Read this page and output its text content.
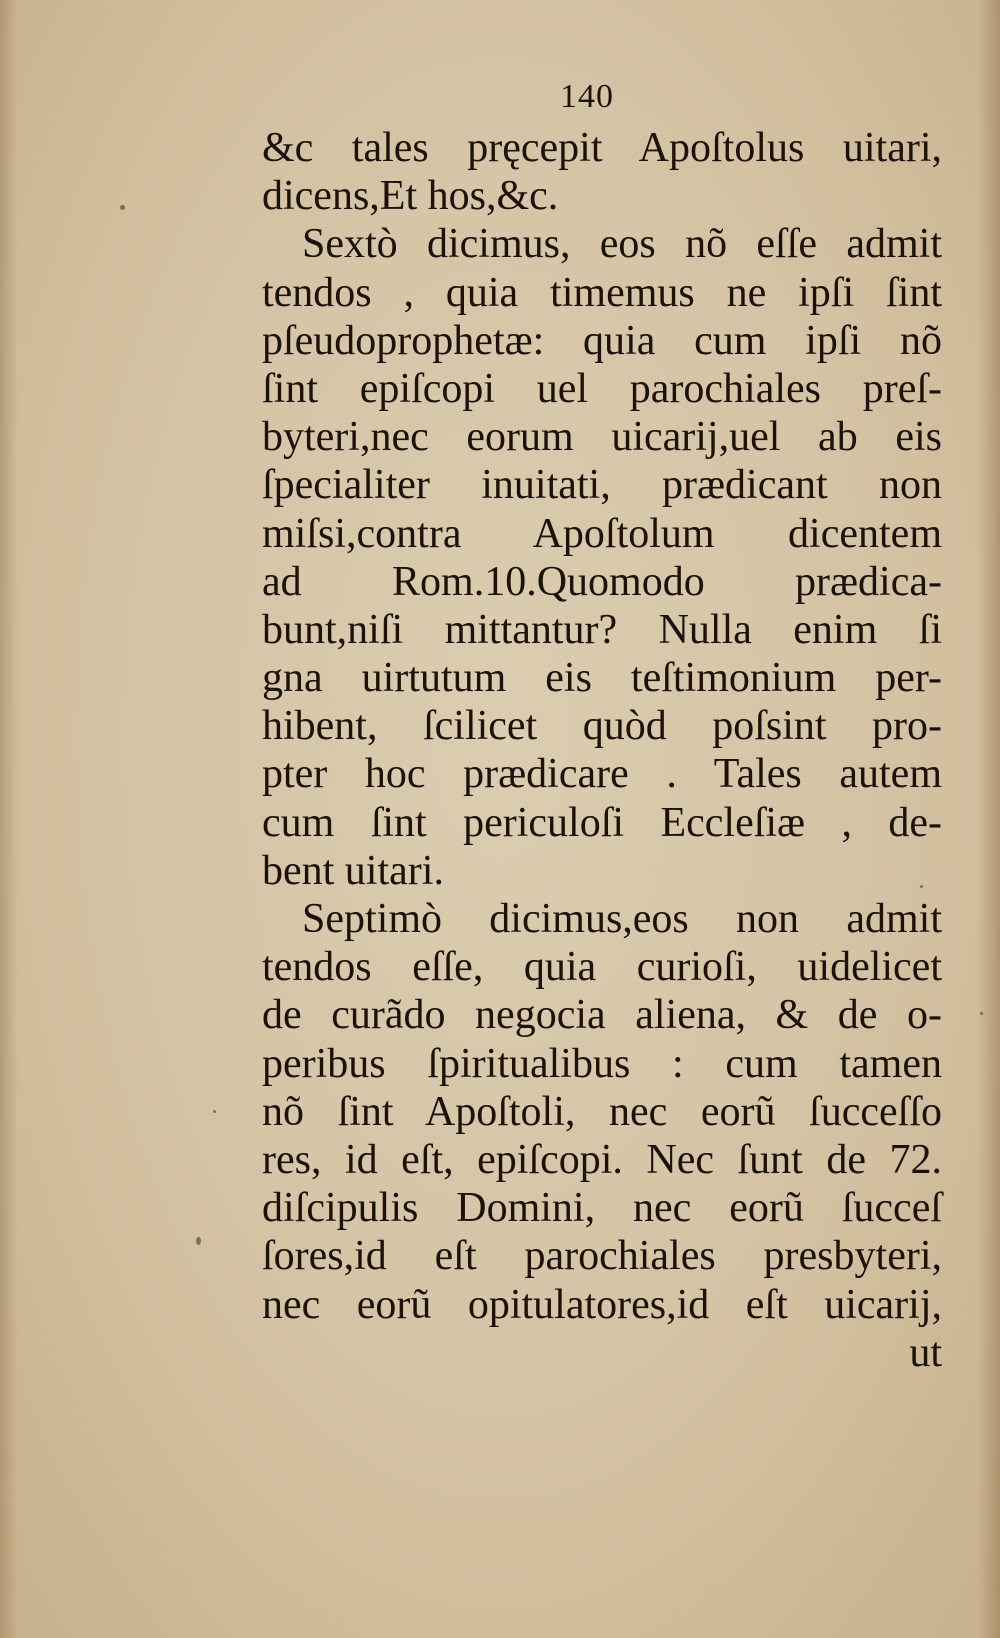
140
&c tales pręcepit Apoſtolus uitari,
dicens,Et hos,&c.
Sextò dicimus, eos nõ eſſe admit
tendos , quia timemus ne ipſi ſint
pſeudoprophetæ: quia cum ipſi nõ
ſint epiſcopi uel parochiales preſ-
byteri,nec eorum uicarij,uel ab eis
ſpecialiter inuitati, prædicant non
miſsi,contra Apoſtolum dicentem
ad Rom.10.Quomodo prædica-
bunt,niſi mittantur? Nulla enim ſi
gna uirtutum eis teſtimonium per-
hibent, ſcilicet quòd poſsint pro-
pter hoc prædicare . Tales autem
cum ſint periculoſi Eccleſiæ , de-
bent uitari.
Septimò dicimus,eos non admit
tendos eſſe, quia curioſi, uidelicet
de curãdo negocia aliena, & de o-
peribus ſpiritualibus : cum tamen
nõ ſint Apoſtoli, nec eorũ ſucceſſo
res, id eſt, epiſcopi. Nec ſunt de 72.
diſcipulis Domini, nec eorũ ſucceſ
ſores,id eſt parochiales presbyteri,
nec eorũ opitulatores,id eſt uicarij,
ut
